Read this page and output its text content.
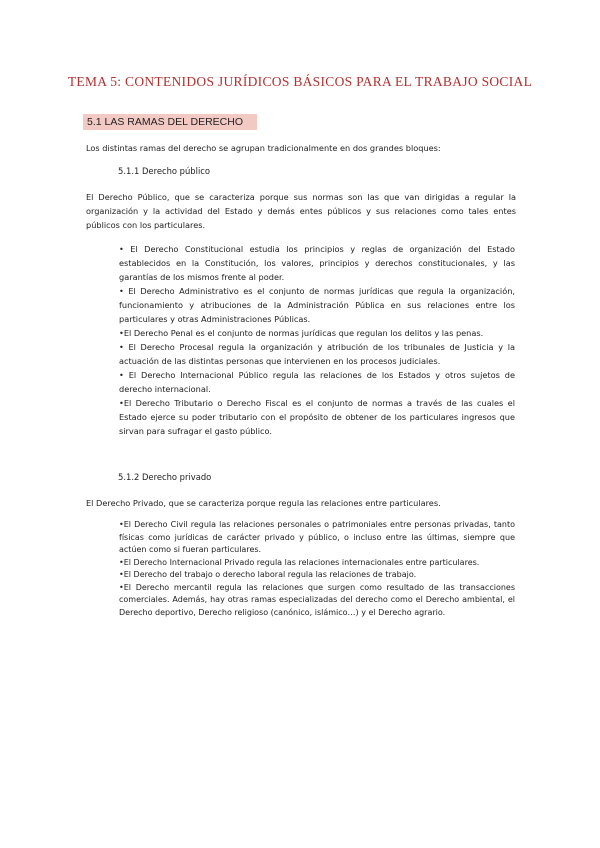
TEMA 5: CONTENIDOS JURÍDICOS BÁSICOS PARA EL TRABAJO SOCIAL
5.1 LAS RAMAS DEL DERECHO
Los distintas ramas del derecho se agrupan tradicionalmente en dos grandes bloques:
5.1.1 Derecho público
El Derecho Público, que se caracteriza porque sus normas son las que van dirigidas a regular la organización y la actividad del Estado y demás entes públicos y sus relaciones como tales entes públicos con los particulares.
• El Derecho Constitucional estudia los principios y reglas de organización del Estado establecidos en la Constitución, los valores, principios y derechos constitucionales, y las garantías de los mismos frente al poder.
• El Derecho Administrativo es el conjunto de normas jurídicas que regula la organización, funcionamiento y atribuciones de la Administración Pública en sus relaciones entre los particulares y otras Administraciones Públicas.
•El Derecho Penal es el conjunto de normas jurídicas que regulan los delitos y las penas.
• El Derecho Procesal regula la organización y atribución de los tribunales de Justicia y la actuación de las distintas personas que intervienen en los procesos judiciales.
• El Derecho Internacional Público regula las relaciones de los Estados y otros sujetos de derecho internacional.
•El Derecho Tributario o Derecho Fiscal es el conjunto de normas a través de las cuales el Estado ejerce su poder tributario con el propósito de obtener de los particulares ingresos que sirvan para sufragar el gasto público.
5.1.2 Derecho privado
El Derecho Privado, que se caracteriza porque regula las relaciones entre particulares.
•El Derecho Civil regula las relaciones personales o patrimoniales entre personas privadas, tanto físicas como jurídicas de carácter privado y público, o incluso entre las últimas, siempre que actúen como si fueran particulares.
•El Derecho Internacional Privado regula las relaciones internacionales entre particulares.
•El Derecho del trabajo o derecho laboral regula las relaciones de trabajo.
•El Derecho mercantil regula las relaciones que surgen como resultado de las transacciones comerciales. Además, hay otras ramas especializadas del derecho como el Derecho ambiental, el Derecho deportivo, Derecho religioso (canónico, islámico…) y el Derecho agrario.
